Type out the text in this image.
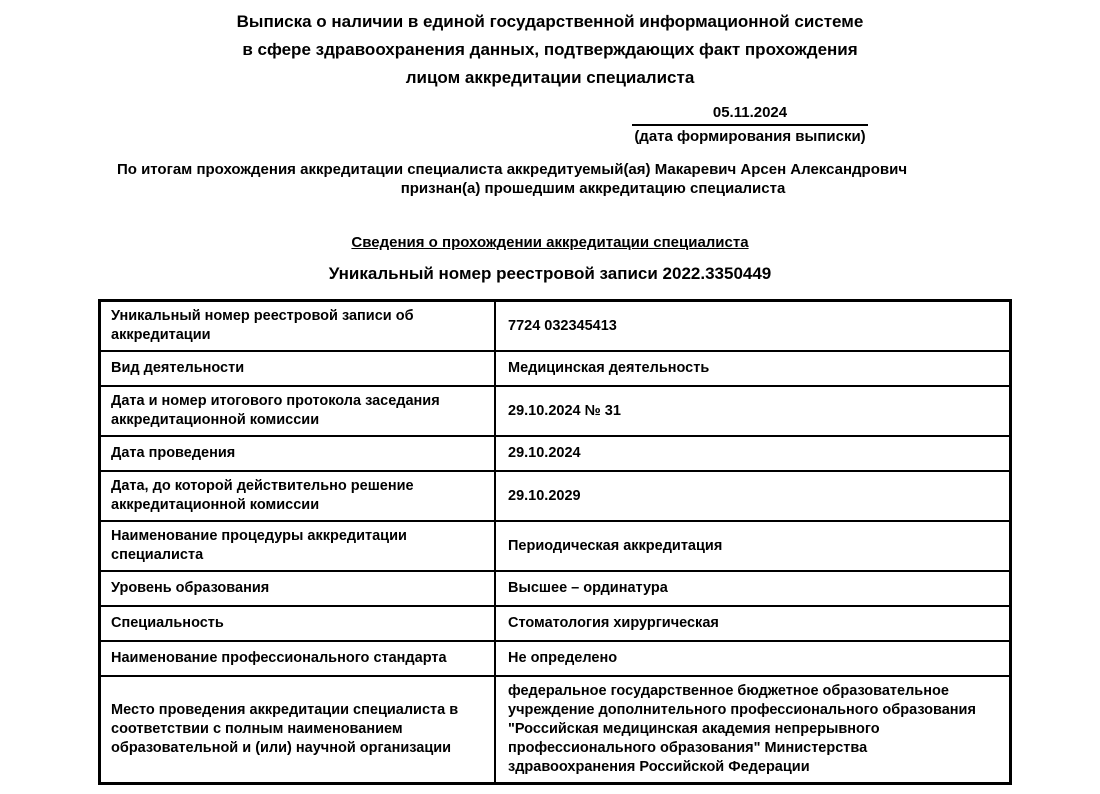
Выписка о наличии в единой государственной информационной системе в сфере здравоохранения данных, подтверждающих факт прохождения лицом аккредитации специалиста
05.11.2024
(дата формирования выписки)
По итогам прохождения аккредитации специалиста аккредитуемый(ая) Макаревич Арсен Александрович
признан(а) прошедшим аккредитацию специалиста
Сведения о прохождении аккредитации специалиста
Уникальный номер реестровой записи 2022.3350449
Уникальный номер реестровой записи об аккредитации	7724 032345413
Вид деятельности	Медицинская деятельность
Дата и номер итогового протокола заседания аккредитационной комиссии	29.10.2024 № 31
Дата проведения	29.10.2024
Дата, до которой действительно решение аккредитационной комиссии	29.10.2029
Наименование процедуры аккредитации специалиста	Периодическая аккредитация
Уровень образования	Высшее – ординатура
Специальность	Стоматология хирургическая
Наименование профессионального стандарта	Не определено
Место проведения аккредитации специалиста в соответствии с полным наименованием образовательной и (или) научной организации	федеральное государственное бюджетное образовательное учреждение дополнительного профессионального образования "Российская медицинская академия непрерывного профессионального образования" Министерства здравоохранения Российской Федерации
